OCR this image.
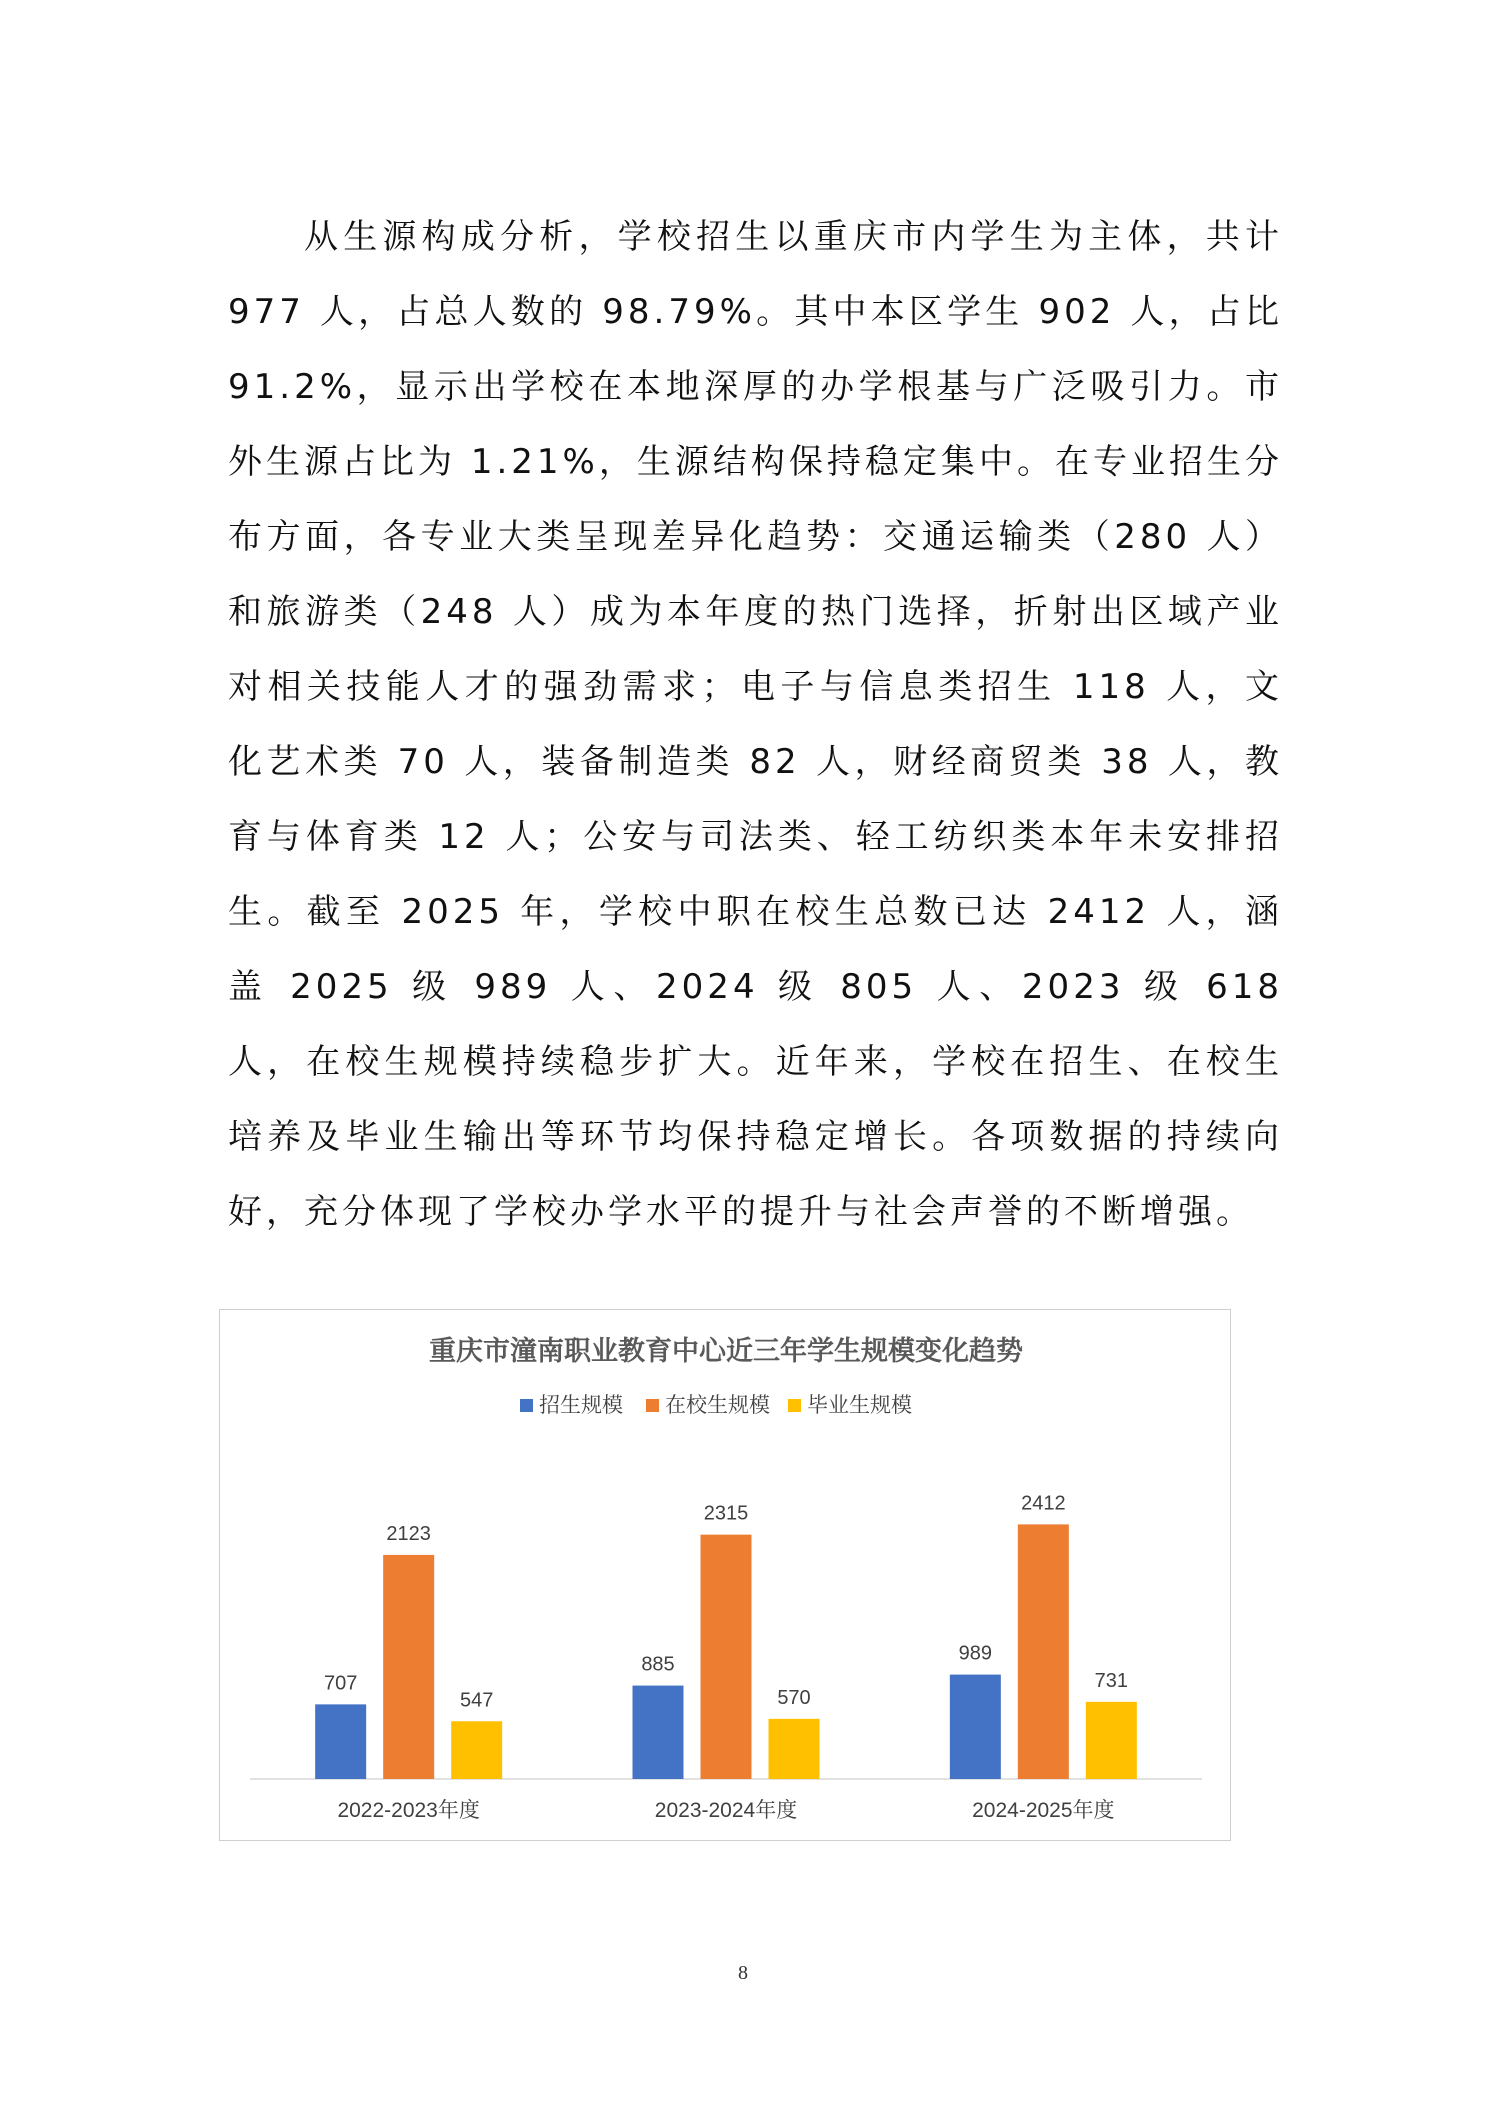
从生源构成分析，学校招生以重庆市内学生为主体，共计 977 人，占总人数的 98.79%。其中本区学生 902 人，占比 91.2%，显示出学校在本地深厚的办学根基与广泛吸引力。市外生源占比为 1.21%，生源结构保持稳定集中。在专业招生分布方面，各专业大类呈现差异化趋势：交通运输类（280 人）和旅游类（248 人）成为本年度的热门选择，折射出区域产业对相关技能人才的强劲需求；电子与信息类招生 118 人，文化艺术类 70 人，装备制造类 82 人，财经商贸类 38 人，教育与体育类 12 人；公安与司法类、轻工纺织类本年未安排招生。截至 2025 年，学校中职在校生总数已达 2412 人，涵盖 2025 级 989 人、2024 级 805 人、2023 级 618 人，在校生规模持续稳步扩大。近年来，学校在招生、在校生培养及毕业生输出等环节均保持稳定增长。各项数据的持续向好，充分体现了学校办学水平的提升与社会声誉的不断增强。

重庆市潼南职业教育中心近三年学生规模变化趋势
招生规模 在校生规模 毕业生规模
707
2123
547
885
2315
570
989
2412
731
2022-2023年度	2023-2024年度	2024-2025年度
8
